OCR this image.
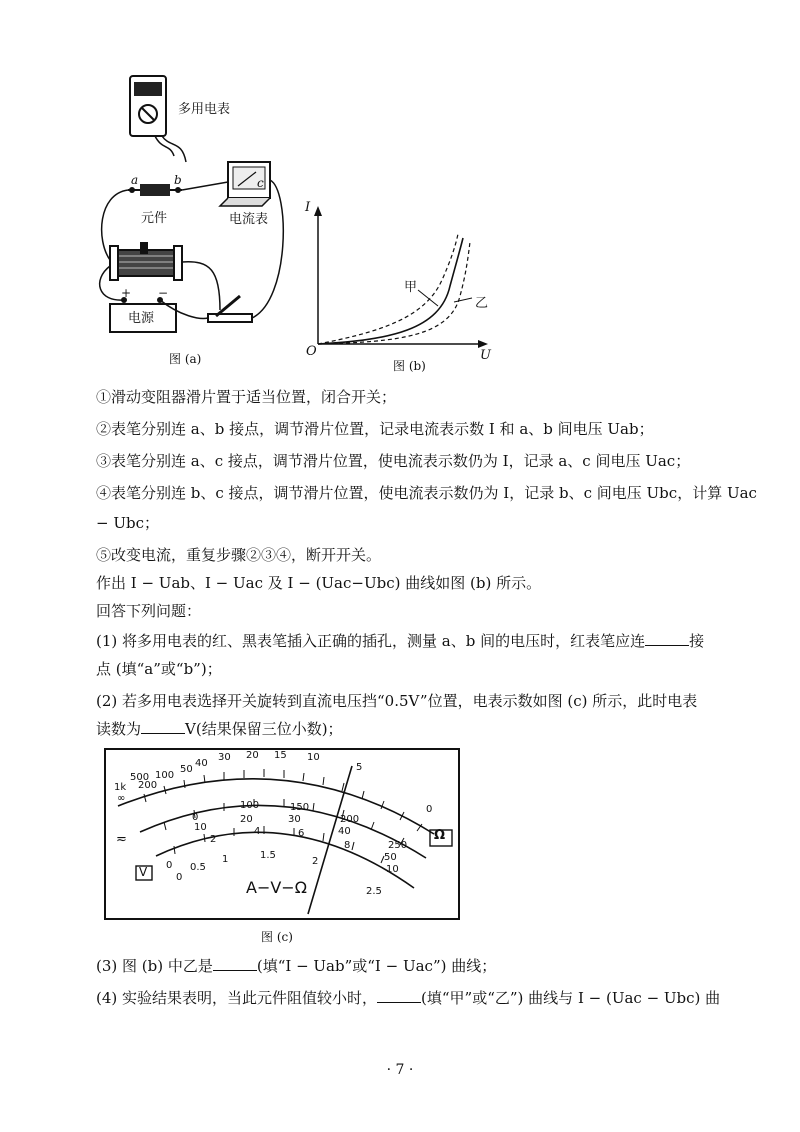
多用电表
a	b	c
元件	电流表
+ −
电源
图 (a)
I
甲
乙
O	U
图 (b)
①滑动变阻器滑片置于适当位置，闭合开关；
②表笔分别连 a、b 接点，调节滑片位置，记录电流表示数 I 和 a、b 间电压 Uab；
③表笔分别连 a、c 接点，调节滑片位置，使电流表示数仍为 I，记录 a、c 间电压 Uac；
④表笔分别连 b、c 接点，调节滑片位置，使电流表示数仍为 I，记录 b、c 间电压 Ubc，计算 Uac
− Ubc；
⑤改变电流，重复步骤②③④，断开开关。
作出 I − Uab、I − Uac 及 I − (Uac−Ubc) 曲线如图 (b) 所示。
回答下列问题：
(1) 将多用电表的红、黑表笔插入正确的插孔，测量 a、b 间的电压时，红表笔应连	接
点 (填“a”或“b”)；
(2) 若多用电表选择开关旋转到直流电压挡“0.5V”位置，电表示数如图 (c) 所示，此时电表
读数为	V(结果保留三位小数)；
1k
∞
500
200
100
50
40
30 20 15 10
5
0
Ω
≂
V
0
100	150
200
250
0
10
20	30
40
50
0
2
4	6
8
10
0.5
1	1.5
2
2.5
A−V−Ω
图 (c)
(3) 图 (b) 中乙是	(填“I − Uab”或“I − Uac”) 曲线；
(4) 实验结果表明，当此元件阻值较小时，	(填“甲”或“乙”) 曲线与 I − (Uac − Ubc) 曲
· 7 ·
